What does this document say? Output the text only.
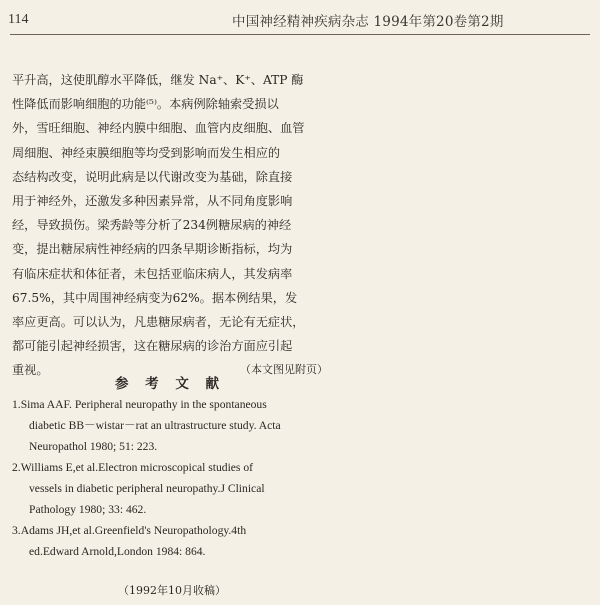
114	中国神经精神疾病杂志 1994年第20卷第2期
平升高，这使肌醇水平降低，继发 Na⁺、K⁺、ATP 酶
性降低而影响细胞的功能⁽⁵⁾。本病例除轴索受损以
外，雪旺细胞、神经内膜中细胞、血管内皮细胞、血管
周细胞、神经束膜细胞等均受到影响而发生相应的
态结构改变，说明此病是以代谢改变为基础，除直接
用于神经外，还激发多种因素异常，从不同角度影响
经，导致损伤。梁秀龄等分析了234例糖尿病的神经
变，提出糖尿病性神经病的四条早期诊断指标，均为
有临床症状和体征者，未包括亚临床病人，其发病率
67.5%，其中周围神经病变为62%。据本例结果，发
率应更高。可以认为，凡患糖尿病者，无论有无症状，
都可能引起神经损害，这在糖尿病的诊治方面应引起
重视。	（本文图见附页）
参 考 文 献
1.Sima AAF. Peripheral neuropathy in the spontaneous
diabetic BB－wistar－rat an ultrastructure study. Acta
Neuropathol 1980; 51: 223.
2.Williams E,et al.Electron microscopical studies of
vessels in diabetic peripheral neuropathy.J Clinical
Pathology 1980; 33: 462.
3.Adams JH,et al.Greenfield's Neuropathology.4th
ed.Edward Arnold,London 1984: 864.
（1992年10月收稿）
